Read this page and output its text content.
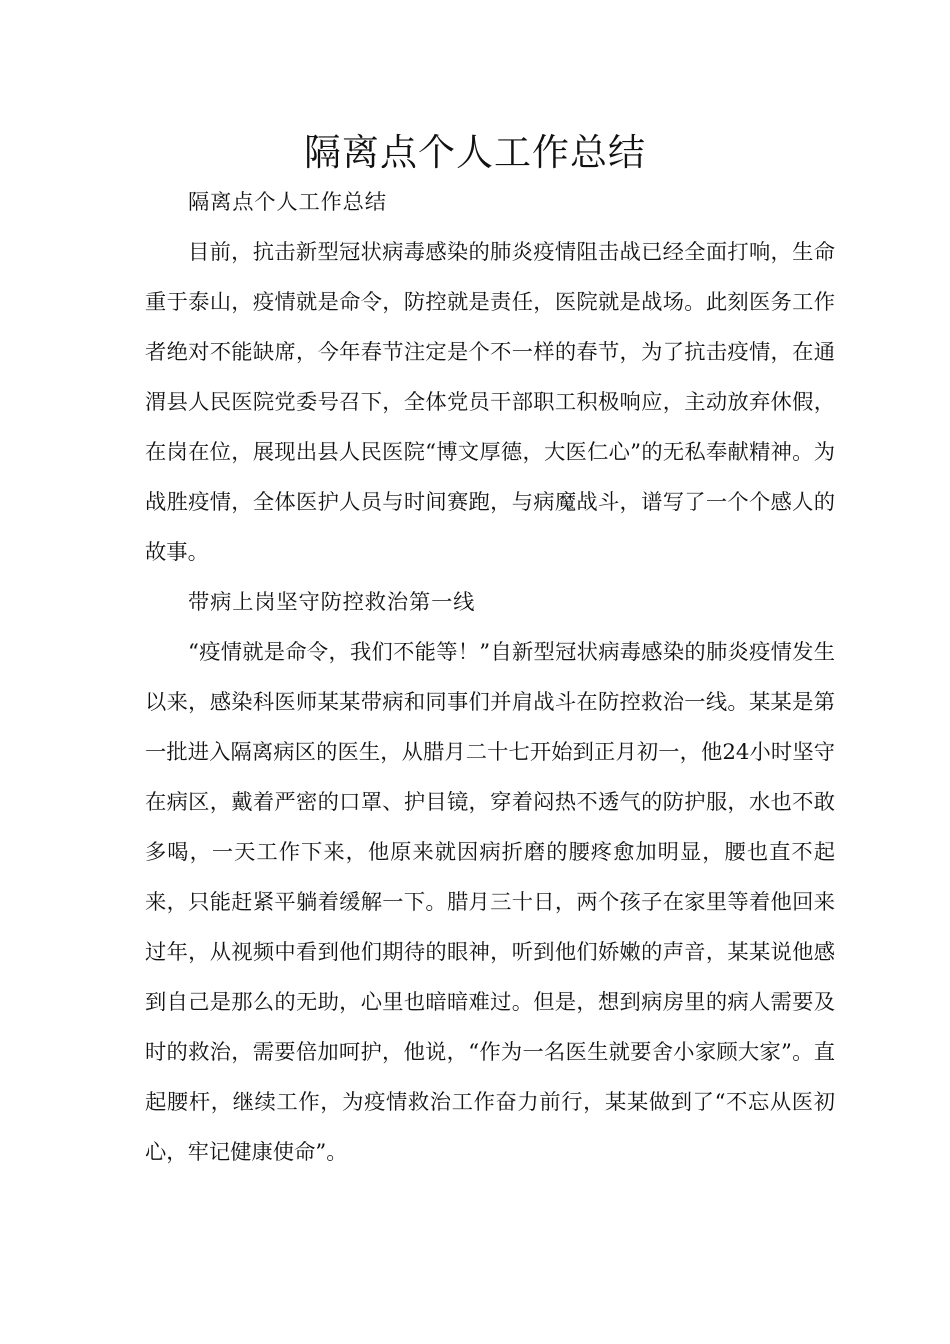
隔离点个人工作总结

隔离点个人工作总结

目前，抗击新型冠状病毒感染的肺炎疫情阻击战已经全面打响，生命重于泰山，疫情就是命令，防控就是责任，医院就是战场。此刻医务工作者绝对不能缺席，今年春节注定是个不一样的春节，为了抗击疫情，在通渭县人民医院党委号召下，全体党员干部职工积极响应，主动放弃休假，在岗在位，展现出县人民医院“博文厚德，大医仁心”的无私奉献精神。为战胜疫情，全体医护人员与时间赛跑，与病魔战斗，谱写了一个个感人的故事。

带病上岗坚守防控救治第一线

“疫情就是命令，我们不能等！”自新型冠状病毒感染的肺炎疫情发生以来，感染科医师某某带病和同事们并肩战斗在防控救治一线。某某是第一批进入隔离病区的医生，从腊月二十七开始到正月初一，他24小时坚守在病区，戴着严密的口罩、护目镜，穿着闷热不透气的防护服，水也不敢多喝，一天工作下来，他原来就因病折磨的腰疼愈加明显，腰也直不起来，只能赶紧平躺着缓解一下。腊月三十日，两个孩子在家里等着他回来过年，从视频中看到他们期待的眼神，听到他们娇嫩的声音，某某说他感到自己是那么的无助，心里也暗暗难过。但是，想到病房里的病人需要及时的救治，需要倍加呵护，他说，“作为一名医生就要舍小家顾大家”。直起腰杆，继续工作，为疫情救治工作奋力前行，某某做到了“不忘从医初心，牢记健康使命”。
